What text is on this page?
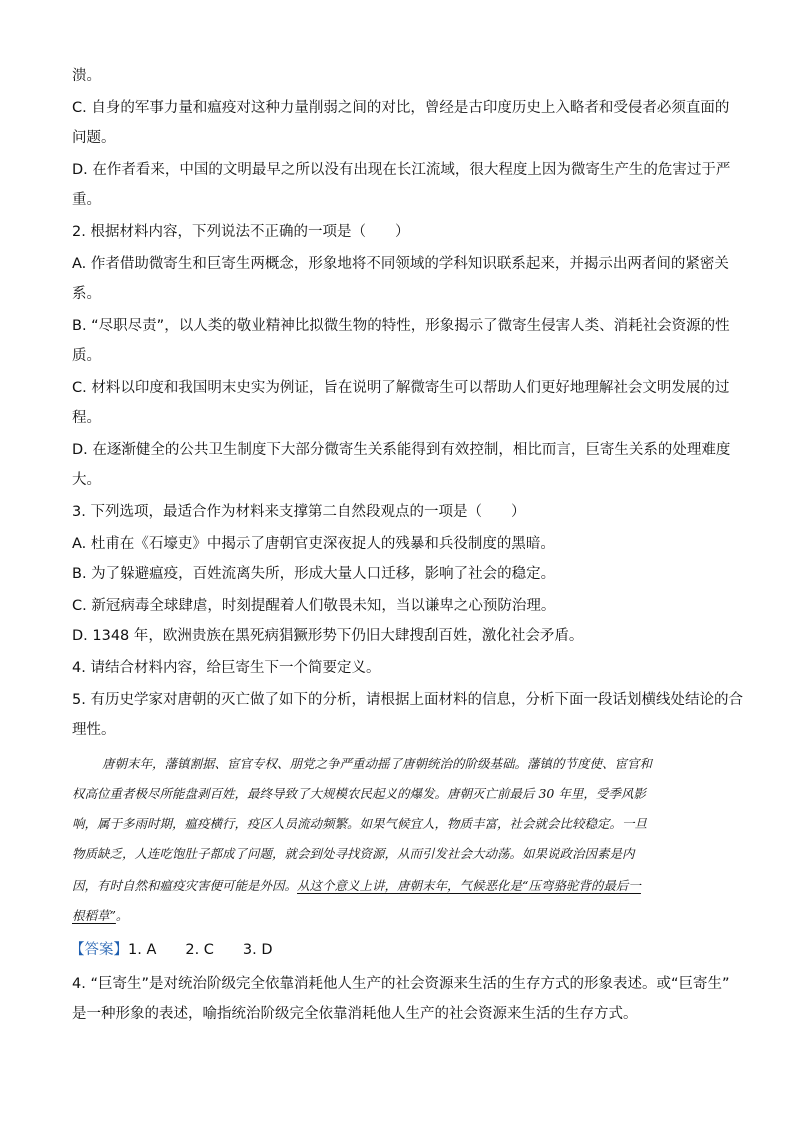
溃。
C. 自身的军事力量和瘟疫对这种力量削弱之间的对比，曾经是古印度历史上入略者和受侵者必须直面的
问题。
D. 在作者看来，中国的文明最早之所以没有出现在长江流域，很大程度上因为微寄生产生的危害过于严
重。
2. 根据材料内容，下列说法不正确的一项是（　　）
A. 作者借助微寄生和巨寄生两概念，形象地将不同领域的学科知识联系起来，并揭示出两者间的紧密关
系。
B. “尽职尽责”，以人类的敬业精神比拟微生物的特性，形象揭示了微寄生侵害人类、消耗社会资源的性
质。
C. 材料以印度和我国明末史实为例证，旨在说明了解微寄生可以帮助人们更好地理解社会文明发展的过
程。
D. 在逐渐健全的公共卫生制度下大部分微寄生关系能得到有效控制，相比而言，巨寄生关系的处理难度
大。
3. 下列选项，最适合作为材料来支撑第二自然段观点的一项是（　　）
A. 杜甫在《石壕吏》中揭示了唐朝官吏深夜捉人的残暴和兵役制度的黑暗。
B. 为了躲避瘟疫，百姓流离失所，形成大量人口迁移，影响了社会的稳定。
C. 新冠病毒全球肆虐，时刻提醒着人们敬畏未知，当以谦卑之心预防治理。
D. 1348 年，欧洲贵族在黑死病猖獗形势下仍旧大肆搜刮百姓，激化社会矛盾。
4. 请结合材料内容，给巨寄生下一个简要定义。
5. 有历史学家对唐朝的灭亡做了如下的分析，请根据上面材料的信息，分析下面一段话划横线处结论的合
理性。
唐朝末年，藩镇割据、宦官专权、朋党之争严重动摇了唐朝统治的阶级基础。藩镇的节度使、宦官和
权高位重者极尽所能盘剥百姓，最终导致了大规模农民起义的爆发。唐朝灭亡前最后 30 年里，受季风影
响，属于多雨时期，瘟疫横行，疫区人员流动频繁。如果气候宜人，物质丰富，社会就会比较稳定。一旦
物质缺乏，人连吃饱肚子都成了问题，就会到处寻找资源，从而引发社会大动荡。如果说政治因素是内
因，有时自然和瘟疫灾害便可能是外因。从这个意义上讲，唐朝末年，气候恶化是“压弯骆驼背的最后一
根稻草”。
【答案】1. A　　2. C　　3. D
4. “巨寄生”是对统治阶级完全依靠消耗他人生产的社会资源来生活的生存方式的形象表述。或“巨寄生”
是一种形象的表述，喻指统治阶级完全依靠消耗他人生产的社会资源来生活的生存方式。
